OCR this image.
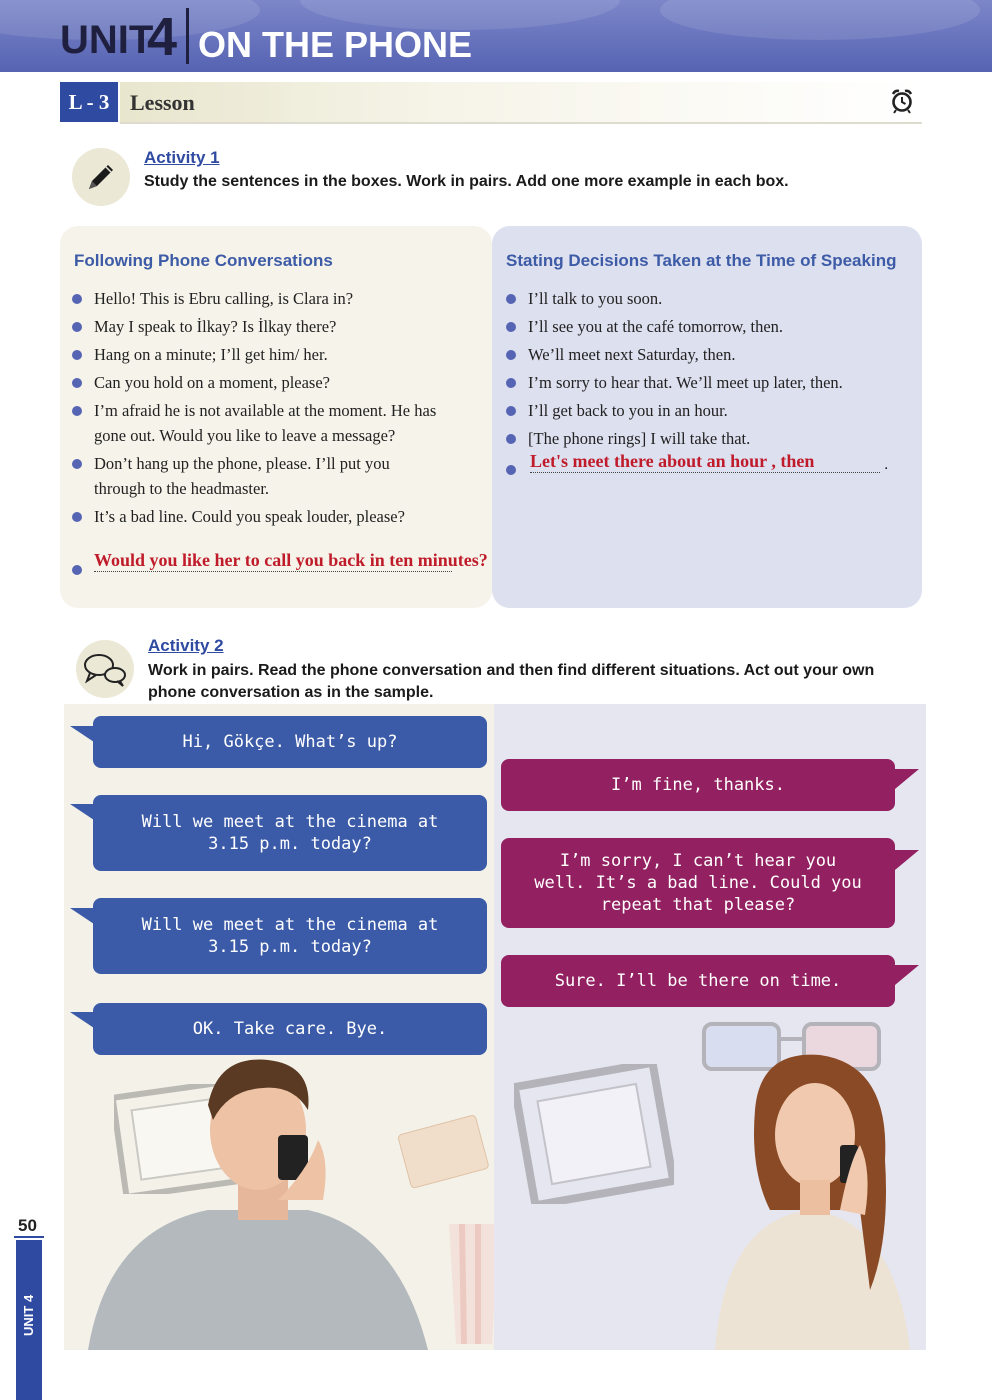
UNIT
4 ON THE PHONE
L - 3 Lesson
Activity 1
Study the sentences in the boxes. Work in pairs. Add one more example in each box.
Following Phone Conversations
Hello! This is Ebru calling, is Clara in?
May I speak to İlkay? Is İlkay there?
Hang on a minute; I’ll get him/ her.
Can you hold on a moment, please?
I’m afraid he is not available at the moment. He has gone out. Would you like to leave a message?
Don’t hang up the phone, please. I’ll put you through to the headmaster.
It’s a bad line. Could you speak louder, please?
Would you like her to call you back in ten minutes?
Stating Decisions Taken at the Time of Speaking
I’ll talk to you soon.
I’ll see you at the café tomorrow, then.
We’ll meet next Saturday, then.
I’m sorry to hear that. We’ll meet up later, then.
I’ll get back to you in an hour.
[The phone rings] I will take that.
Let's meet there about an hour , then	.
Activity 2
Work in pairs. Read the phone conversation and then find different situations. Act out your own
phone conversation as in the sample.
Hi, Gökçe. What’s up?
Will we meet at the cinema at 3.15 p.m. today?
Will we meet at the cinema at 3.15 p.m. today?
OK. Take care. Bye.
I’m fine, thanks.
I’m sorry, I can’t hear you well. It’s a bad line. Could you repeat that please?
Sure. I’ll be there on time.
50
UNIT 4
